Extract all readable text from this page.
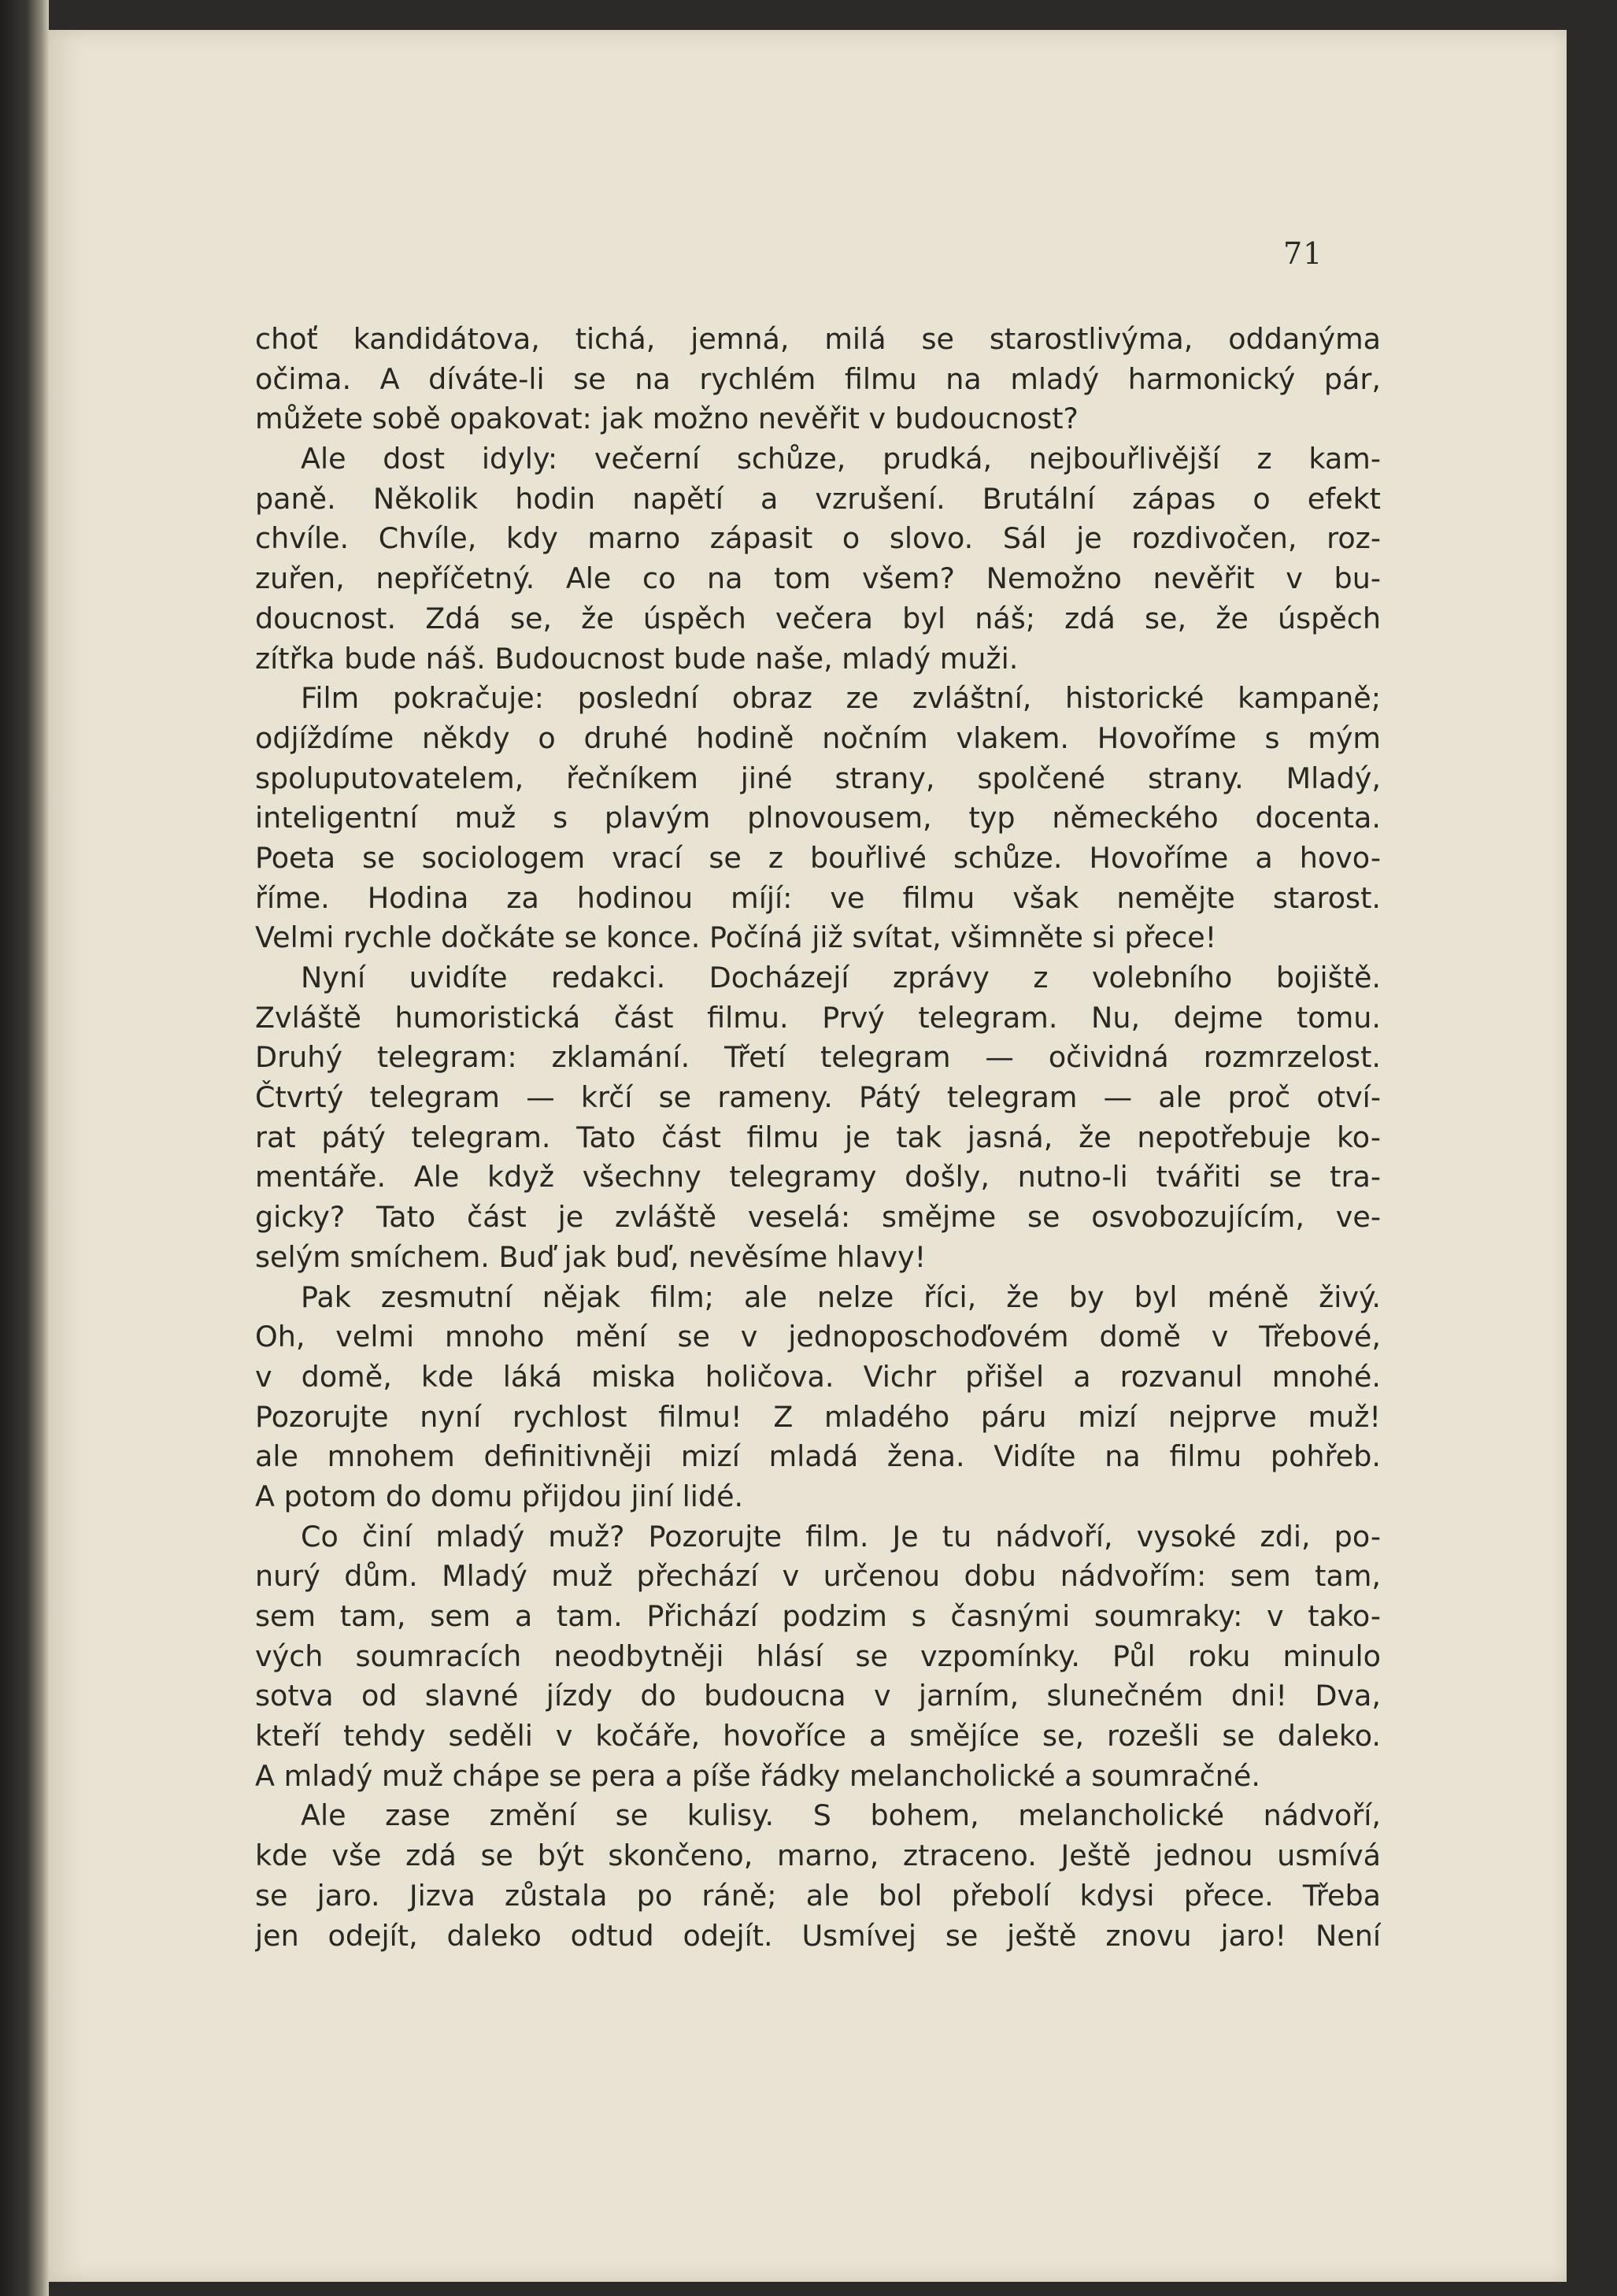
71
choť kandidátova, tichá, jemná, milá se starostlivýma, oddanýma
očima. A díváte-li se na rychlém filmu na mladý harmonický pár,
můžete sobě opakovat: jak možno nevěřit v budoucnost?
Ale dost idyly: večerní schůze, prudká, nejbouřlivější z kam-
paně. Několik hodin napětí a vzrušení. Brutální zápas o efekt
chvíle. Chvíle, kdy marno zápasit o slovo. Sál je rozdivočen, roz-
zuřen, nepříčetný. Ale co na tom všem? Nemožno nevěřit v bu-
doucnost. Zdá se, že úspěch večera byl náš; zdá se, že úspěch
zítřka bude náš. Budoucnost bude naše, mladý muži.
Film pokračuje: poslední obraz ze zvláštní, historické kampaně;
odjíždíme někdy o druhé hodině nočním vlakem. Hovoříme s mým
spoluputovatelem, řečníkem jiné strany, spolčené strany. Mladý,
inteligentní muž s plavým plnovousem, typ německého docenta.
Poeta se sociologem vrací se z bouřlivé schůze. Hovoříme a hovo-
říme. Hodina za hodinou míjí: ve filmu však nemějte starost.
Velmi rychle dočkáte se konce. Počíná již svítat, všimněte si přece!
Nyní uvidíte redakci. Docházejí zprávy z volebního bojiště.
Zvláště humoristická část filmu. Prvý telegram. Nu, dejme tomu.
Druhý telegram: zklamání. Třetí telegram — očividná rozmrzelost.
Čtvrtý telegram — krčí se rameny. Pátý telegram — ale proč otví-
rat pátý telegram. Tato část filmu je tak jasná, že nepotřebuje ko-
mentáře. Ale když všechny telegramy došly, nutno-li tvářiti se tra-
gicky? Tato část je zvláště veselá: smějme se osvobozujícím, ve-
selým smíchem. Buď jak buď, nevěsíme hlavy!
Pak zesmutní nějak film; ale nelze říci, že by byl méně živý.
Oh, velmi mnoho mění se v jednoposchoďovém domě v Třebové,
v domě, kde láká miska holičova. Vichr přišel a rozvanul mnohé.
Pozorujte nyní rychlost filmu! Z mladého páru mizí nejprve muž!
ale mnohem definitivněji mizí mladá žena. Vidíte na filmu pohřeb.
A potom do domu přijdou jiní lidé.
Co činí mladý muž? Pozorujte film. Je tu nádvoří, vysoké zdi, po-
nurý dům. Mladý muž přechází v určenou dobu nádvořím: sem tam,
sem tam, sem a tam. Přichází podzim s časnými soumraky: v tako-
vých soumracích neodbytněji hlásí se vzpomínky. Půl roku minulo
sotva od slavné jízdy do budoucna v jarním, slunečném dni! Dva,
kteří tehdy seděli v kočáře, hovoříce a smějíce se, rozešli se daleko.
A mladý muž chápe se pera a píše řádky melancholické a soumračné.
Ale zase změní se kulisy. S bohem, melancholické nádvoří,
kde vše zdá se být skončeno, marno, ztraceno. Ještě jednou usmívá
se jaro. Jizva zůstala po ráně; ale bol přebolí kdysi přece. Třeba
jen odejít, daleko odtud odejít. Usmívej se ještě znovu jaro! Není
